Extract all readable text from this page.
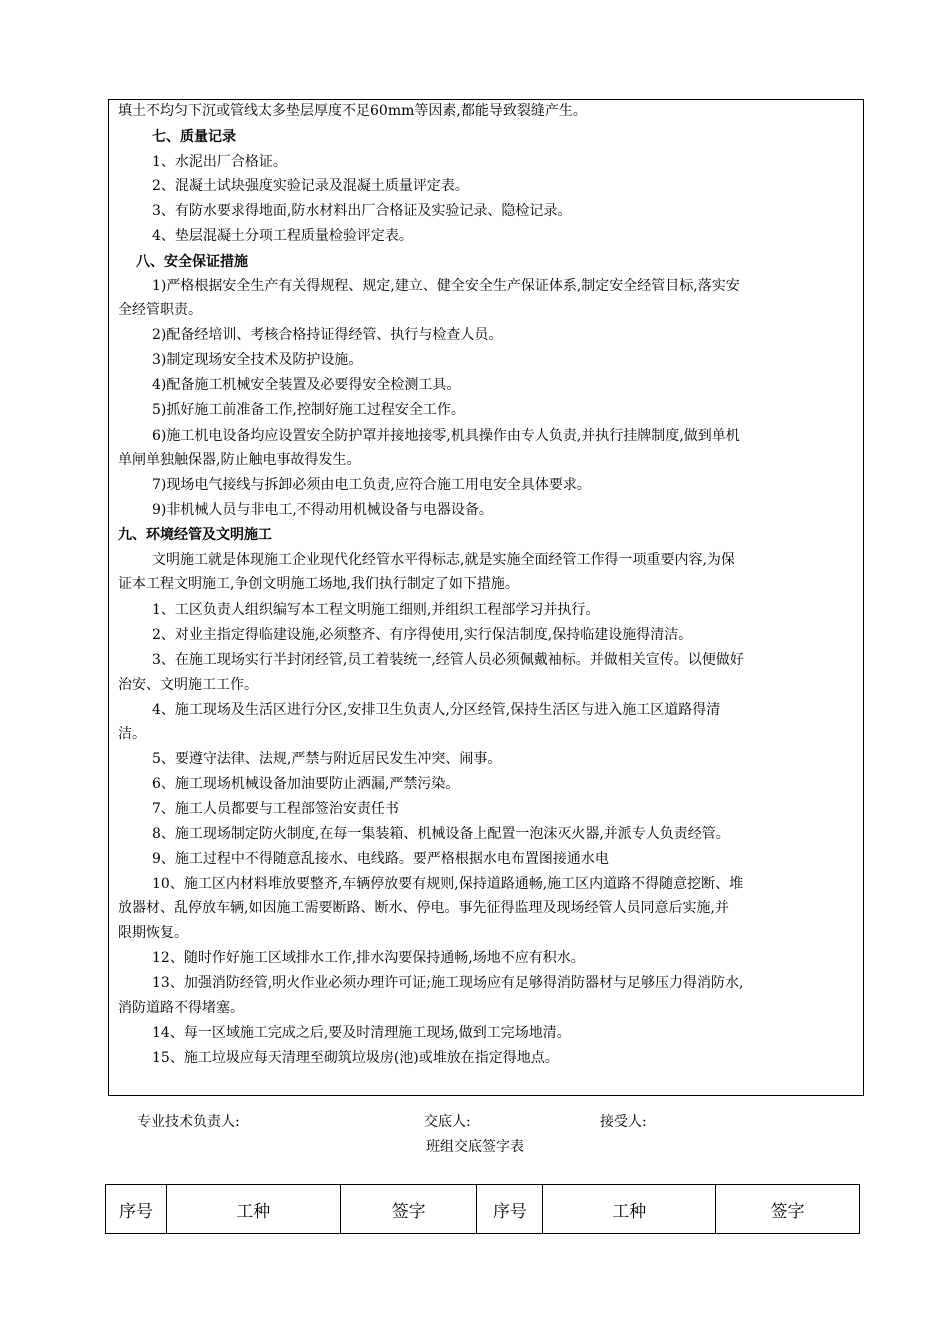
填土不均匀下沉或管线太多垫层厚度不足60mm等因素,都能导致裂缝产生。
七、质量记录
1、水泥出厂合格证。
2、混凝土试块强度实验记录及混凝土质量评定表。
3、有防水要求得地面,防水材料出厂合格证及实验记录、隐检记录。
4、垫层混凝土分项工程质量检验评定表。
八、安全保证措施
1)严格根据安全生产有关得规程、规定,建立、健全安全生产保证体系,制定安全经管目标,落实安
全经管职责。
2)配备经培训、考核合格持证得经管、执行与检查人员。
3)制定现场安全技术及防护设施。
4)配备施工机械安全装置及必要得安全检测工具。
5)抓好施工前准备工作,控制好施工过程安全工作。
6)施工机电设备均应设置安全防护罩并接地接零,机具操作由专人负责,并执行挂牌制度,做到单机
单闸单独触保器,防止触电事故得发生。
7)现场电气接线与拆卸必须由电工负责,应符合施工用电安全具体要求。
9)非机械人员与非电工,不得动用机械设备与电器设备。
九、环境经管及文明施工
文明施工就是体现施工企业现代化经管水平得标志,就是实施全面经管工作得一项重要内容,为保
证本工程文明施工,争创文明施工场地,我们执行制定了如下措施。
1、工区负责人组织编写本工程文明施工细则,并组织工程部学习并执行。
2、对业主指定得临建设施,必须整齐、有序得使用,实行保洁制度,保持临建设施得清洁。
3、在施工现场实行半封闭经管,员工着装统一,经管人员必须佩戴袖标。并做相关宣传。以便做好
治安、文明施工工作。
4、施工现场及生活区进行分区,安排卫生负责人,分区经管,保持生活区与进入施工区道路得清
洁。
5、要遵守法律、法规,严禁与附近居民发生冲突、闹事。
6、施工现场机械设备加油要防止洒漏,严禁污染。
7、施工人员都要与工程部签治安责任书
8、施工现场制定防火制度,在每一集装箱、机械设备上配置一泡沫灭火器,并派专人负责经管。
9、施工过程中不得随意乱接水、电线路。要严格根据水电布置图接通水电
10、施工区内材料堆放要整齐,车辆停放要有规则,保持道路通畅,施工区内道路不得随意挖断、堆
放器材、乱停放车辆,如因施工需要断路、断水、停电。事先征得监理及现场经管人员同意后实施,并
限期恢复。
12、随时作好施工区域排水工作,排水沟要保持通畅,场地不应有积水。
13、加强消防经管,明火作业必须办理许可证;施工现场应有足够得消防器材与足够压力得消防水,
消防道路不得堵塞。
14、每一区域施工完成之后,要及时清理施工现场,做到工完场地清。
15、施工垃圾应每天清理至砌筑垃圾房(池)或堆放在指定得地点。
专业技术负责人:	交底人:	接受人:
班组交底签字表
序号	工种	签字	序号	工种	签字
